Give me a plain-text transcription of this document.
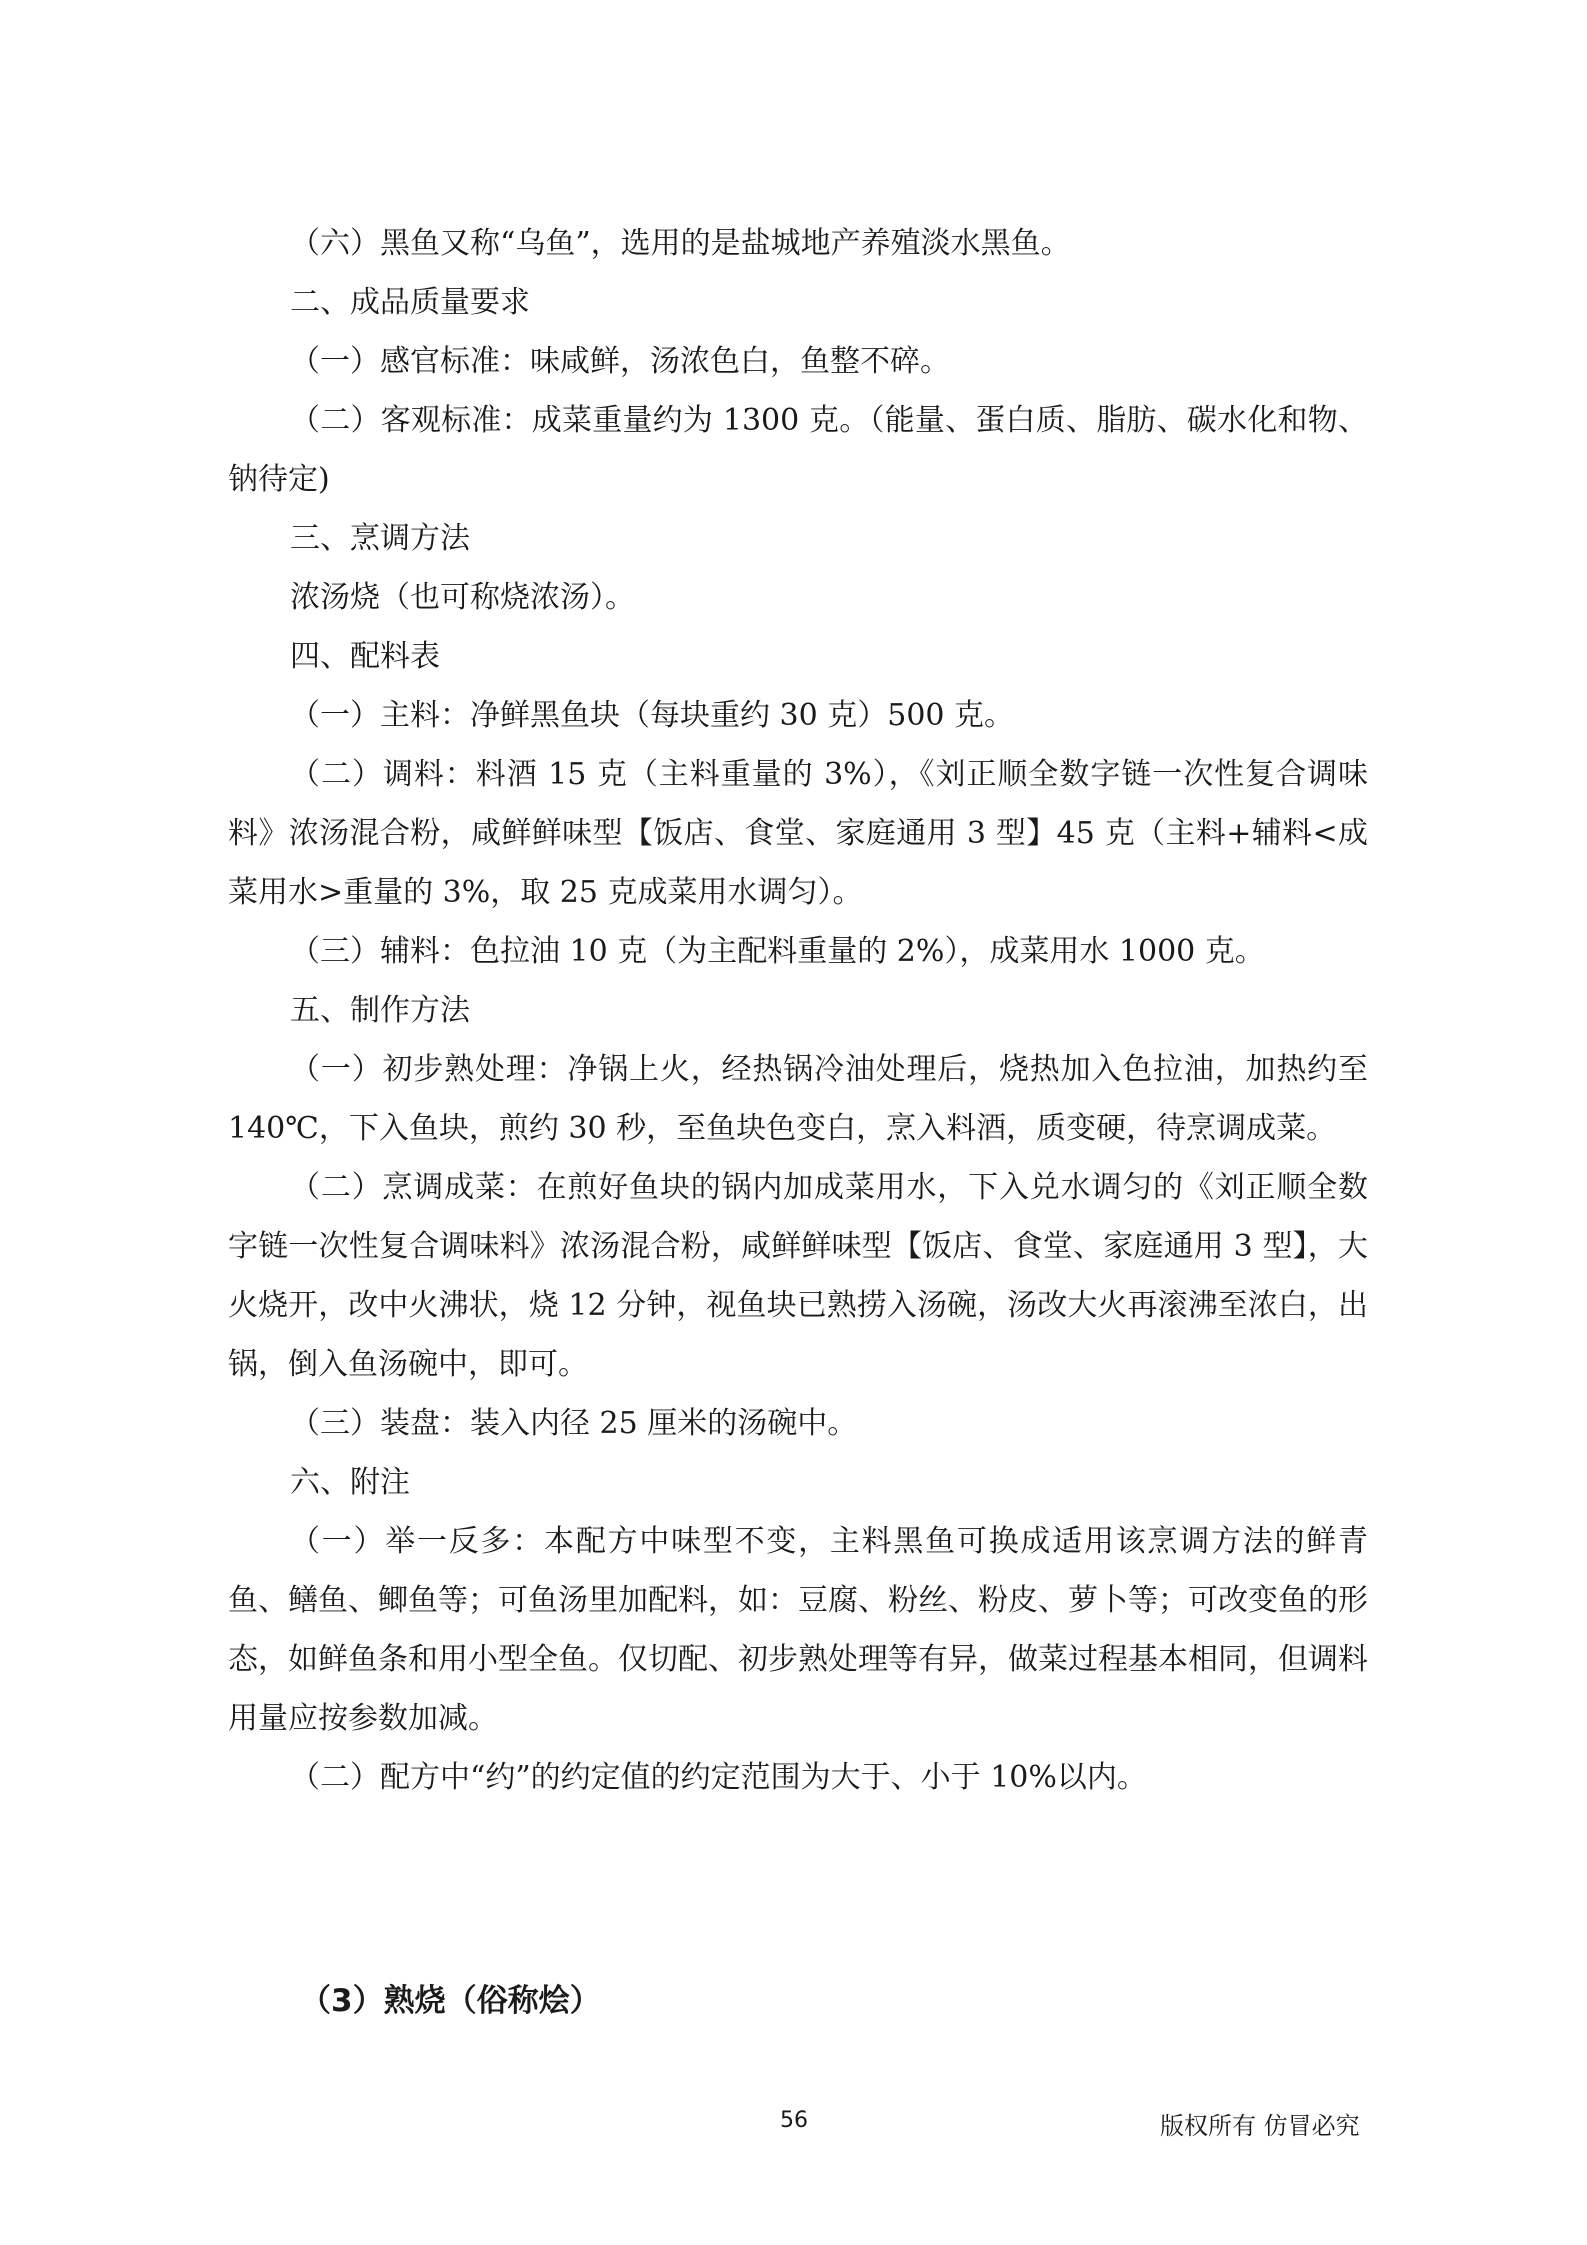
（六）黑鱼又称“乌鱼”，选用的是盐城地产养殖淡水黑鱼。

二、成品质量要求

（一）感官标准：味咸鲜，汤浓色白，鱼整不碎。

（二）客观标准：成菜重量约为 1300 克。（能量、蛋白质、脂肪、碳水化和物、钠待定)

三、烹调方法

浓汤烧（也可称烧浓汤）。

四、配料表

（一）主料：净鲜黑鱼块（每块重约 30 克）500 克。

（二）调料：料酒 15 克（主料重量的 3%），《刘正顺全数字链一次性复合调味料》浓汤混合粉，咸鲜鲜味型【饭店、食堂、家庭通用 3 型】45 克（主料+辅料<成菜用水>重量的 3%，取 25 克成菜用水调匀）。

（三）辅料：色拉油 10 克（为主配料重量的 2%），成菜用水 1000 克。

五、制作方法

（一）初步熟处理：净锅上火，经热锅冷油处理后，烧热加入色拉油，加热约至 140℃，下入鱼块，煎约 30 秒，至鱼块色变白，烹入料酒，质变硬，待烹调成菜。

（二）烹调成菜：在煎好鱼块的锅内加成菜用水，下入兑水调匀的《刘正顺全数字链一次性复合调味料》浓汤混合粉，咸鲜鲜味型【饭店、食堂、家庭通用 3 型】，大火烧开，改中火沸状，烧 12 分钟，视鱼块已熟捞入汤碗，汤改大火再滚沸至浓白，出锅，倒入鱼汤碗中，即可。

（三）装盘：装入内径 25 厘米的汤碗中。

六、附注

（一）举一反多：本配方中味型不变，主料黑鱼可换成适用该烹调方法的鲜青鱼、鳝鱼、鲫鱼等；可鱼汤里加配料，如：豆腐、粉丝、粉皮、萝卜等；可改变鱼的形态，如鲜鱼条和用小型全鱼。仅切配、初步熟处理等有异，做菜过程基本相同，但调料用量应按参数加减。

（二）配方中“约”的约定值的约定范围为大于、小于 10%以内。

（3）熟烧（俗称烩）
56	版权所有 仿冒必究
